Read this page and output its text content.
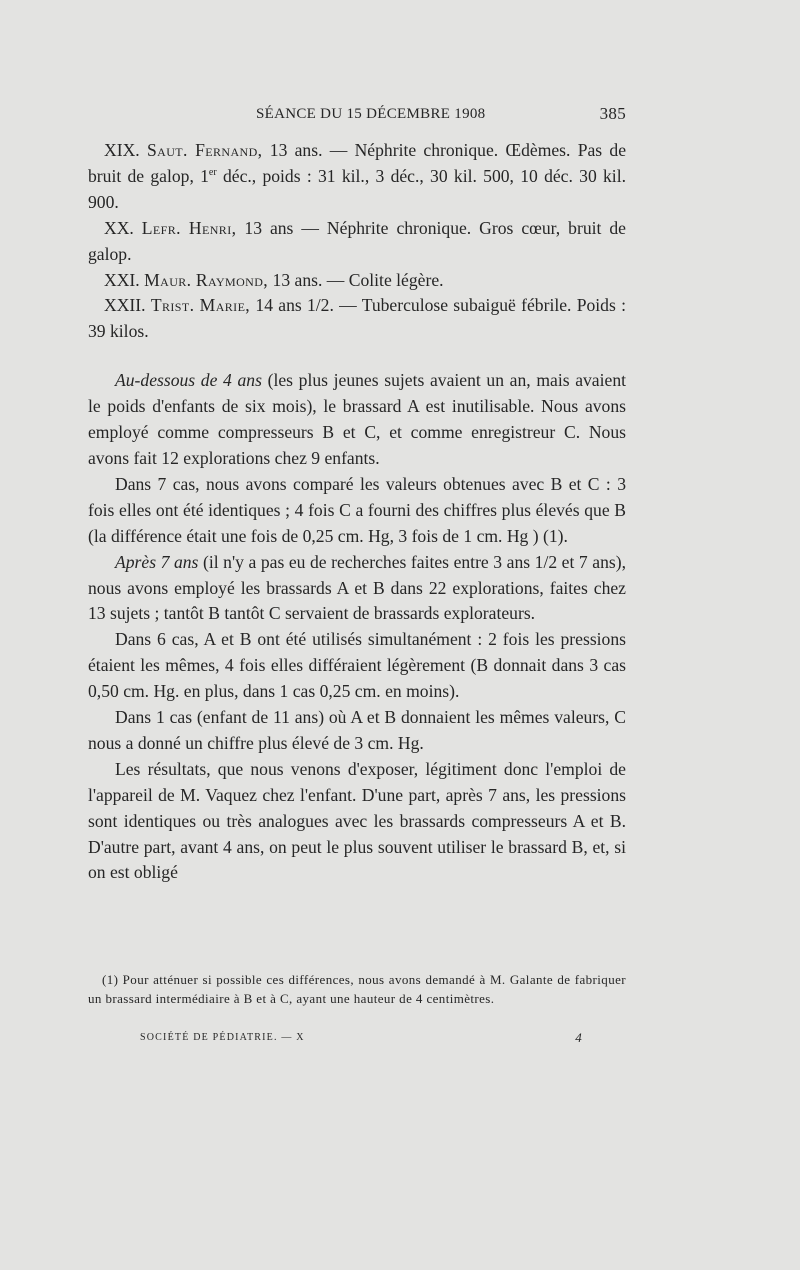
SÉANCE DU 15 DÉCEMBRE 1908	385

XIX. Saut. Fernand, 13 ans. — Néphrite chronique. Œdèmes. Pas de bruit de galop, 1er déc., poids : 31 kil., 3 déc., 30 kil. 500, 10 déc. 30 kil. 900.

XX. Lefr. Henri, 13 ans — Néphrite chronique. Gros cœur, bruit de galop.

XXI. Maur. Raymond, 13 ans. — Colite légère.

XXII. Trist. Marie, 14 ans 1/2. — Tuberculose subaiguë fébrile. Poids : 39 kilos.

Au-dessous de 4 ans (les plus jeunes sujets avaient un an, mais avaient le poids d'enfants de six mois), le brassard A est inutilisable. Nous avons employé comme compresseurs B et C, et comme enregistreur C. Nous avons fait 12 explorations chez 9 enfants.

Dans 7 cas, nous avons comparé les valeurs obtenues avec B et C : 3 fois elles ont été identiques ; 4 fois C a fourni des chiffres plus élevés que B (la différence était une fois de 0,25 cm. Hg, 3 fois de 1 cm. Hg ) (1).

Après 7 ans (il n'y a pas eu de recherches faites entre 3 ans 1/2 et 7 ans), nous avons employé les brassards A et B dans 22 explorations, faites chez 13 sujets ; tantôt B tantôt C servaient de brassards explorateurs.

Dans 6 cas, A et B ont été utilisés simultanément : 2 fois les pressions étaient les mêmes, 4 fois elles différaient légèrement (B donnait dans 3 cas 0,50 cm. Hg. en plus, dans 1 cas 0,25 cm. en moins).

Dans 1 cas (enfant de 11 ans) où A et B donnaient les mêmes valeurs, C nous a donné un chiffre plus élevé de 3 cm. Hg.

Les résultats, que nous venons d'exposer, légitiment donc l'emploi de l'appareil de M. Vaquez chez l'enfant. D'une part, après 7 ans, les pressions sont identiques ou très analogues avec les brassards compresseurs A et B. D'autre part, avant 4 ans, on peut le plus souvent utiliser le brassard B, et, si on est obligé

(1) Pour atténuer si possible ces différences, nous avons demandé à M. Galante de fabriquer un brassard intermédiaire à B et à C, ayant une hauteur de 4 centimètres.

SOCIÉTÉ DE PÉDIATRIE. — X	4
